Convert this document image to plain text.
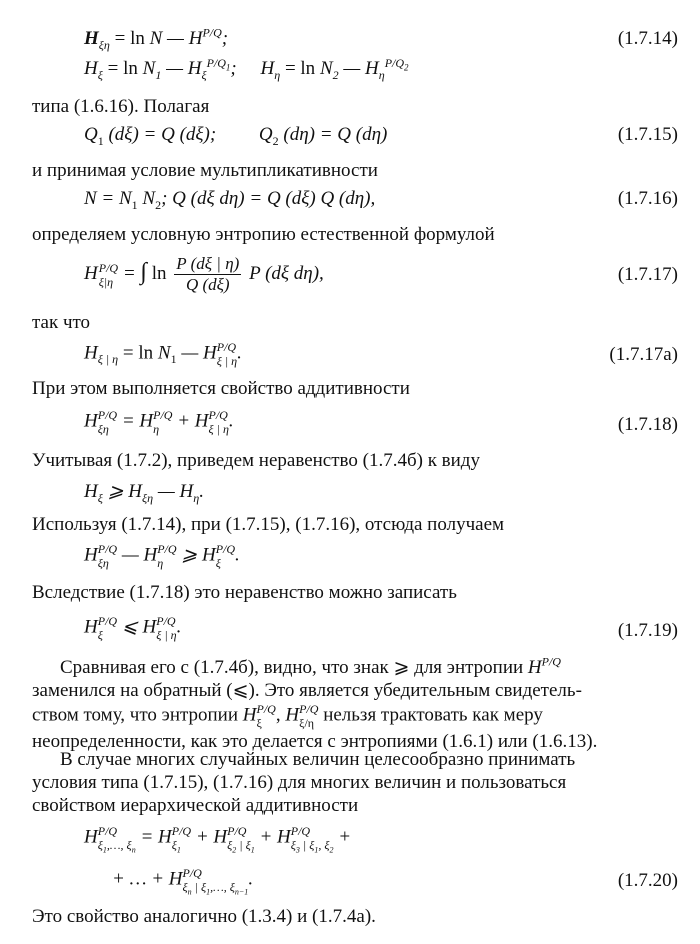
$H_{\xi\eta} = \ln N$ — $H^{P/Q}$;	(1.7.14)
$H_\xi = \ln N_1$ — $H_\xi^{P/Q_1}$;     $H_\eta = \ln N_2$ — $H_\eta^{P/Q_2}$
типа (1.6.16). Полагая
$Q_1$ (dξ) = Q (dξ);         $Q_2$ (dη) = Q (dη)	(1.7.15)
и принимая условие мультипликативности
$N = N_1$ $N_2$; Q (dξ dη) = Q (dξ) Q (dη),	(1.7.16)
определяем условную энтропию естественной формулой
H P/Q
ξ|η = ∫ $\ln \frac{P (d\xi | \eta)}{Q (d\xi)}$ P (dξ dη),	(1.7.17)
так что
$H_{\xi | \eta} = \ln N_1$ — H P/Q
ξ | η .	(1.7.17а)
При этом выполняется свойство аддитивности
H P/Q
ξη = H P/Q
η + H P/Q
ξ | η .	(1.7.18)
Учитывая (1.7.2), приведем неравенство (1.7.4б) к виду
$H_\xi$ ⩾ $H_{\xi\eta}$ — $H_\eta$.
Используя (1.7.14), при (1.7.15), (1.7.16), отсюда получаем
H P/Q
ξη — H P/Q
η ⩾ H P/Q
ξ .
Вследствие (1.7.18) это неравенство можно записать
H P/Q
ξ ⩽ H P/Q
ξ | η .	(1.7.19)
Сравнивая его с (1.7.4б), видно, что знак ⩾ для энтропии $H^{P/Q}$
заменился на обратный (⩽). Это является убедительным свидетель-
ством тому, что энтропии H P/Q
ξ , H P/Q
ξ/η нельзя трактовать как меру
неопределенности, как это делается с энтропиями (1.6.1) или (1.6.13).
В случае многих случайных величин целесообразно принимать
условия типа (1.7.15), (1.7.16) для многих величин и пользоваться
свойством иерархической аддитивности
H P/Q
$\xi_1,\dots$, $\xi_n$
= H P/Q
$\xi_1$
+ H P/Q
$\xi_2$ | $\xi_1$
+ H P/Q
$\xi_3$ | $\xi_1$, $\xi_2$
+
+ … + H P/Q
$\xi_n$ | $\xi_1,\dots$, $\xi_{n-1}$
.	(1.7.20)
Это свойство аналогично (1.3.4) и (1.7.4а).
